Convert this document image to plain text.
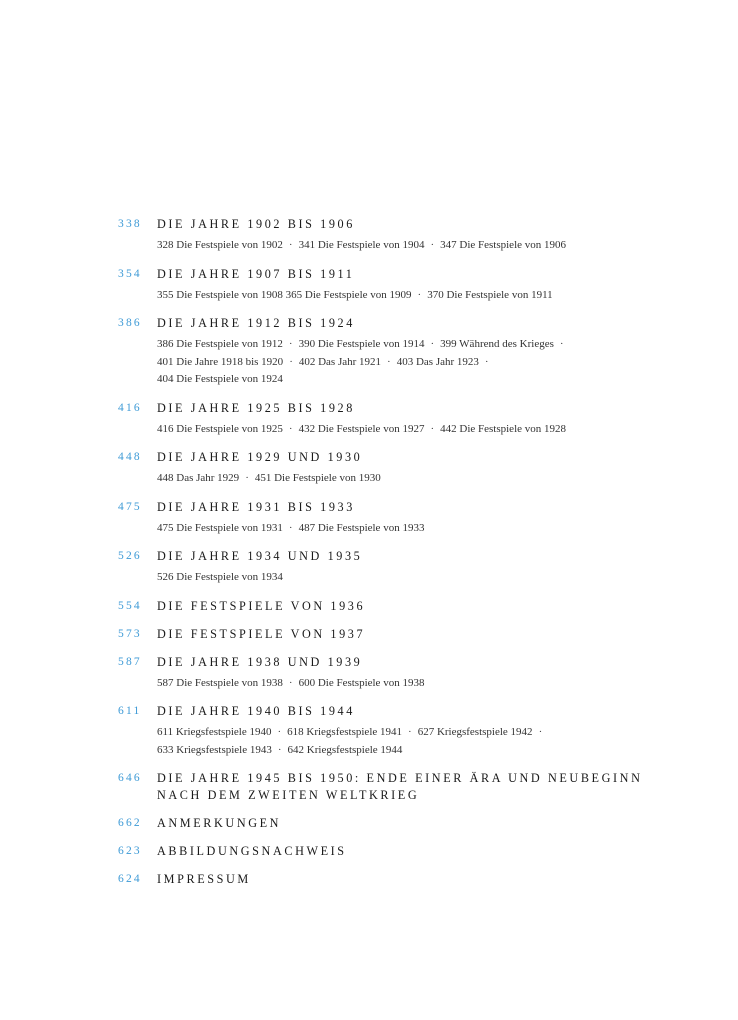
338 DIE JAHRE 1902 BIS 1906
328 Die Festspiele von 1902 · 341 Die Festspiele von 1904 · 347 Die Festspiele von 1906
354 DIE JAHRE 1907 BIS 1911
355 Die Festspiele von 1908 365 Die Festspiele von 1909 · 370 Die Festspiele von 1911
386 DIE JAHRE 1912 BIS 1924
386 Die Festspiele von 1912 · 390 Die Festspiele von 1914 · 399 Während des Krieges ·
401 Die Jahre 1918 bis 1920 · 402 Das Jahr 1921 · 403 Das Jahr 1923 ·
404 Die Festspiele von 1924
416 DIE JAHRE 1925 BIS 1928
416 Die Festspiele von 1925 · 432 Die Festspiele von 1927 · 442 Die Festspiele von 1928
448 DIE JAHRE 1929 UND 1930
448 Das Jahr 1929 · 451 Die Festspiele von 1930
475 DIE JAHRE 1931 BIS 1933
475 Die Festspiele von 1931 · 487 Die Festspiele von 1933
526 DIE JAHRE 1934 UND 1935
526 Die Festspiele von 1934
554 DIE FESTSPIELE VON 1936
573 DIE FESTSPIELE VON 1937
587 DIE JAHRE 1938 UND 1939
587 Die Festspiele von 1938 · 600 Die Festspiele von 1938
611 DIE JAHRE 1940 BIS 1944
611 Kriegsfestspiele 1940 · 618 Kriegsfestspiele 1941 · 627 Kriegsfestspiele 1942 ·
633 Kriegsfestspiele 1943 · 642 Kriegsfestspiele 1944
646 DIE JAHRE 1945 BIS 1950: ENDE EINER ÄRA UND NEUBEGINN
NACH DEM ZWEITEN WELTKRIEG
662 ANMERKUNGEN
623 ABBILDUNGSNACHWEIS
624 IMPRESSUM
